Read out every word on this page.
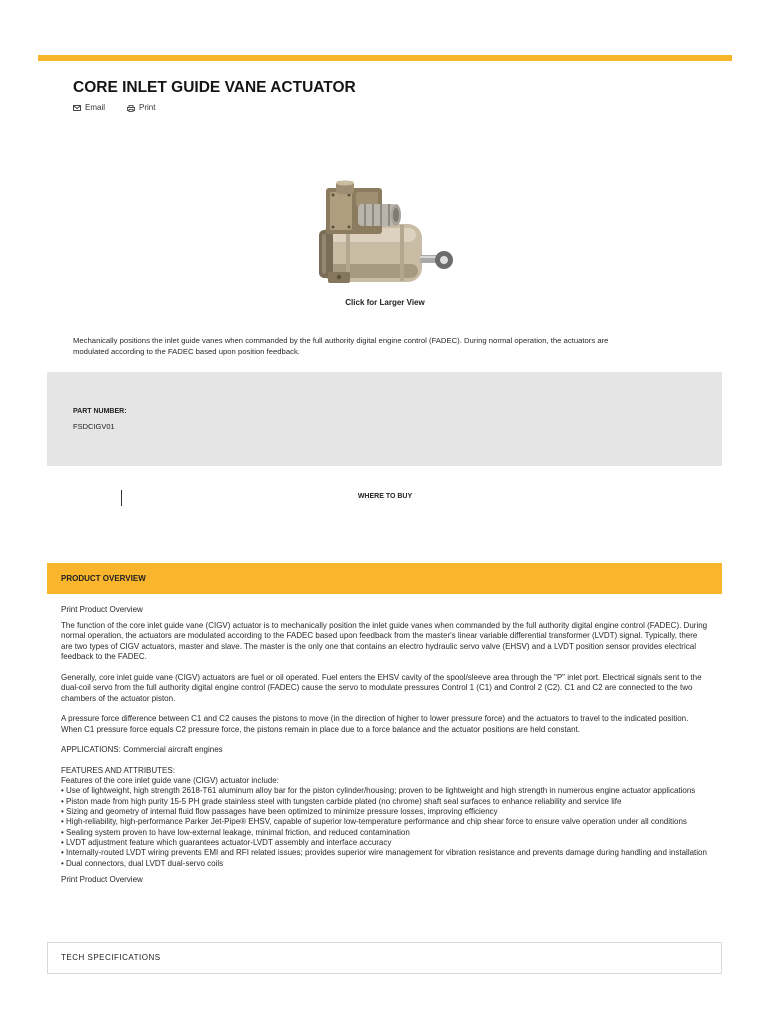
CORE INLET GUIDE VANE ACTUATOR
Email	Print
Click for Larger View

Mechanically positions the inlet guide vanes when commanded by the full authority digital engine control (FADEC). During normal operation, the actuators are modulated according to the FADEC based upon position feedback.

PART NUMBER:
FSDCIGV01
WHERE TO BUY
PRODUCT OVERVIEW
Print Product Overview

The function of the core inlet guide vane (CIGV) actuator is to mechanically position the inlet guide vanes when commanded by the full authority digital engine control (FADEC). During normal operation, the actuators are modulated according to the FADEC based upon feedback from the master's linear variable differential transformer (LVDT) signal. Typically, there are two types of CIGV actuators, master and slave. The master is the only one that contains an electro hydraulic servo valve (EHSV) and a LVDT position sensor provides electrical feedback to the FADEC.

Generally, core inlet guide vane (CIGV) actuators are fuel or oil operated. Fuel enters the EHSV cavity of the spool/sleeve area through the "P" inlet port. Electrical signals sent to the dual-coil servo from the full authority digital engine control (FADEC) cause the servo to modulate pressures Control 1 (C1) and Control 2 (C2). C1 and C2 are connected to the two chambers of the actuator piston.

A pressure force difference between C1 and C2 causes the pistons to move (in the direction of higher to lower pressure force) and the actuators to travel to the indicated position. When C1 pressure force equals C2 pressure force, the pistons remain in place due to a force balance and the actuator positions are held constant.

APPLICATIONS: Commercial aircraft engines

FEATURES AND ATTRIBUTES:
Features of the core inlet guide vane (CIGV) actuator include:
• Use of lightweight, high strength 2618-T61 aluminum alloy bar for the piston cylinder/housing; proven to be lightweight and high strength in numerous engine actuator applications
• Piston made from high purity 15-5 PH grade stainless steel with tungsten carbide plated (no chrome) shaft seal surfaces to enhance reliability and service life
• Sizing and geometry of internal fluid flow passages have been optimized to minimize pressure losses, improving efficiency
• High-reliability, high-performance Parker Jet-Pipe® EHSV, capable of superior low-temperature performance and chip shear force to ensure valve operation under all conditions
• Sealing system proven to have low-external leakage, minimal friction, and reduced contamination
• LVDT adjustment feature which guarantees actuator-LVDT assembly and interface accuracy
• Internally-routed LVDT wiring prevents EMI and RFI related issues; provides superior wire management for vibration resistance and prevents damage during handling and installation
• Dual connectors, dual LVDT dual-servo coils
Print Product Overview
TECH SPECIFICATIONS
